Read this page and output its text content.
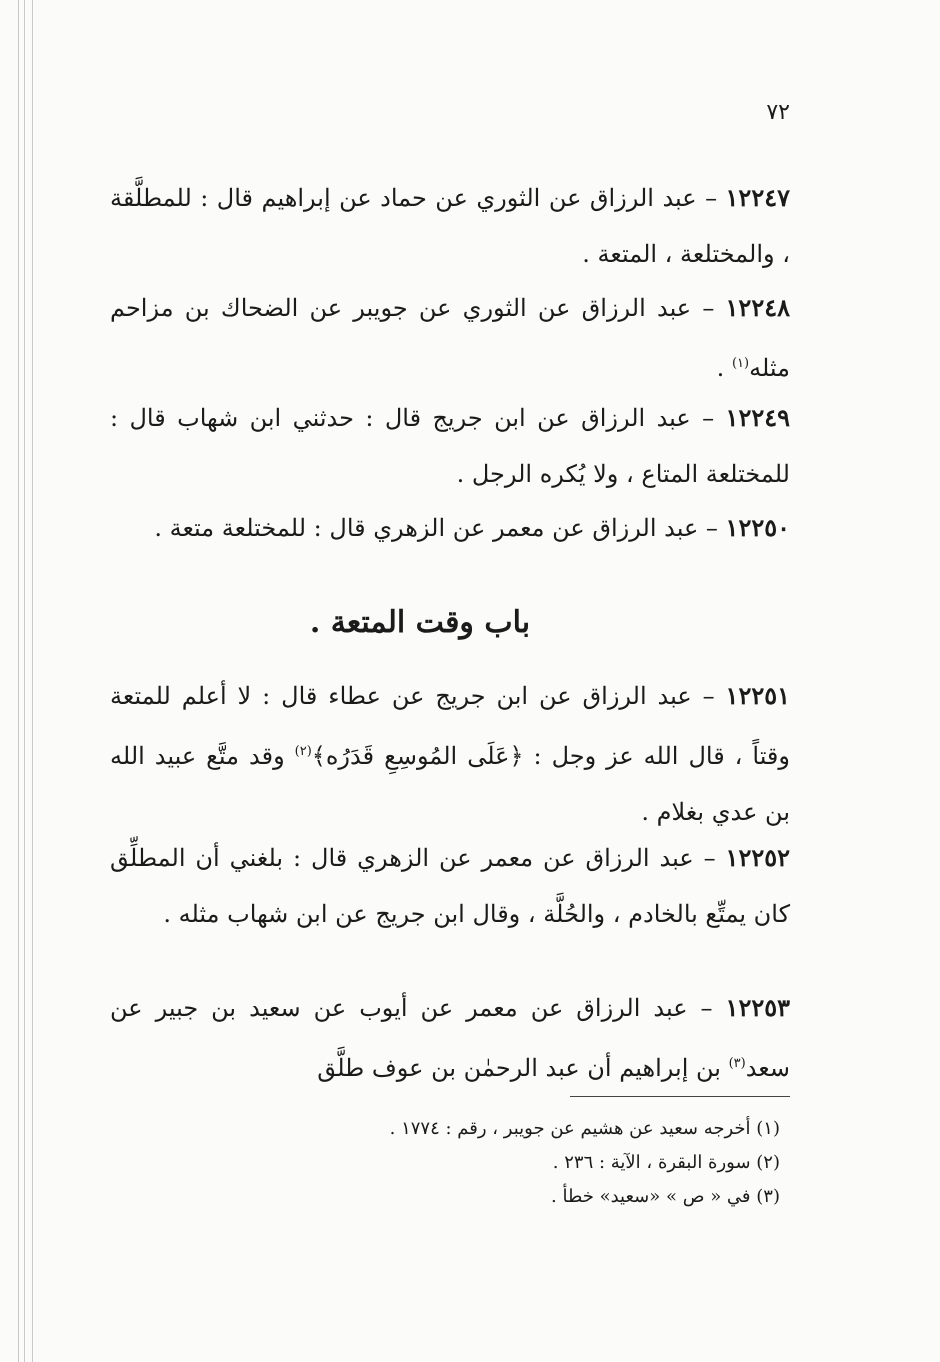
٧٢
١٢٢٤٧ – عبد الرزاق عن الثوري عن حماد عن إبراهيم قال : للمطلَّقة ، والمختلعة ، المتعة .
١٢٢٤٨ – عبد الرزاق عن الثوري عن جويبر عن الضحاك بن مزاحم مثله$^{(١)}$ .
١٢٢٤٩ – عبد الرزاق عن ابن جريج قال : حدثني ابن شهاب قال : للمختلعة المتاع ، ولا يُكره الرجل .
١٢٢٥٠ – عبد الرزاق عن معمر عن الزهري قال : للمختلعة متعة .
باب وقت المتعة .
١٢٢٥١ – عبد الرزاق عن ابن جريج عن عطاء قال : لا أعلم للمتعة وقتاً ، قال الله عز وجل : ﴿عَلَى المُوسِعِ قَدَرُه﴾$^{(٢)}$ وقد متَّع عبيد الله بن عدي بغلام .
١٢٢٥٢ – عبد الرزاق عن معمر عن الزهري قال : بلغني أن المطلِّق كان يمتِّع بالخادم ، والحُلَّة ، وقال ابن جريج عن ابن شهاب مثله .
١٢٢٥٣ – عبد الرزاق عن معمر عن أيوب عن سعيد بن جبير عن سعد$^{(٣)}$ بن إبراهيم أن عبد الرحمٰن بن عوف طلَّق
(١) أخرجه سعيد عن هشيم عن جويبر ، رقم : ١٧٧٤ .
(٢) سورة البقرة ، الآية : ٢٣٦ .
(٣) في « ص » «سعيد» خطأ .
